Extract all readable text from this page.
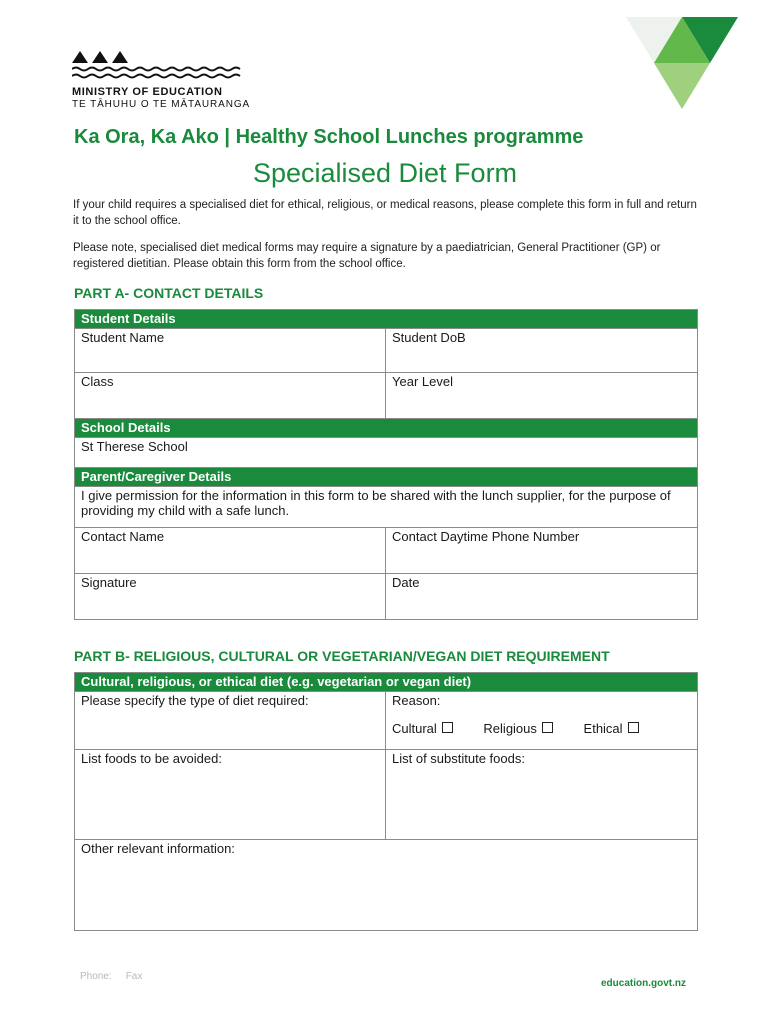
MINISTRY OF EDUCATION
TE TĀHUHU O TE MĀTAURANGA
Ka Ora, Ka Ako | Healthy School Lunches programme
Specialised Diet Form
If your child requires a specialised diet for ethical, religious, or medical reasons, please complete this form in full and return it to the school office.
Please note, specialised diet medical forms may require a signature by a paediatrician, General Practitioner (GP) or registered dietitian. Please obtain this form from the school office.
PART A- CONTACT DETAILS
Student Details	
Student Name	Student DoB
Class	Year Level
School Details	
St Therese School	
Parent/Caregiver Details	
I give permission for the information in this form to be shared with the lunch supplier, for the purpose of providing my child with a safe lunch.	
Contact Name	Contact Daytime Phone Number
Signature	Date
PART B- RELIGIOUS, CULTURAL OR VEGETARIAN/VEGAN DIET REQUIREMENT
Cultural, religious, or ethical diet (e.g. vegetarian or vegan diet)	
Please specify the type of diet required:	Reason:
Cultural Religious Ethical

List foods to be avoided:	List of substitute foods:
Other relevant information:	
Phone: Fax
education.govt.nz
